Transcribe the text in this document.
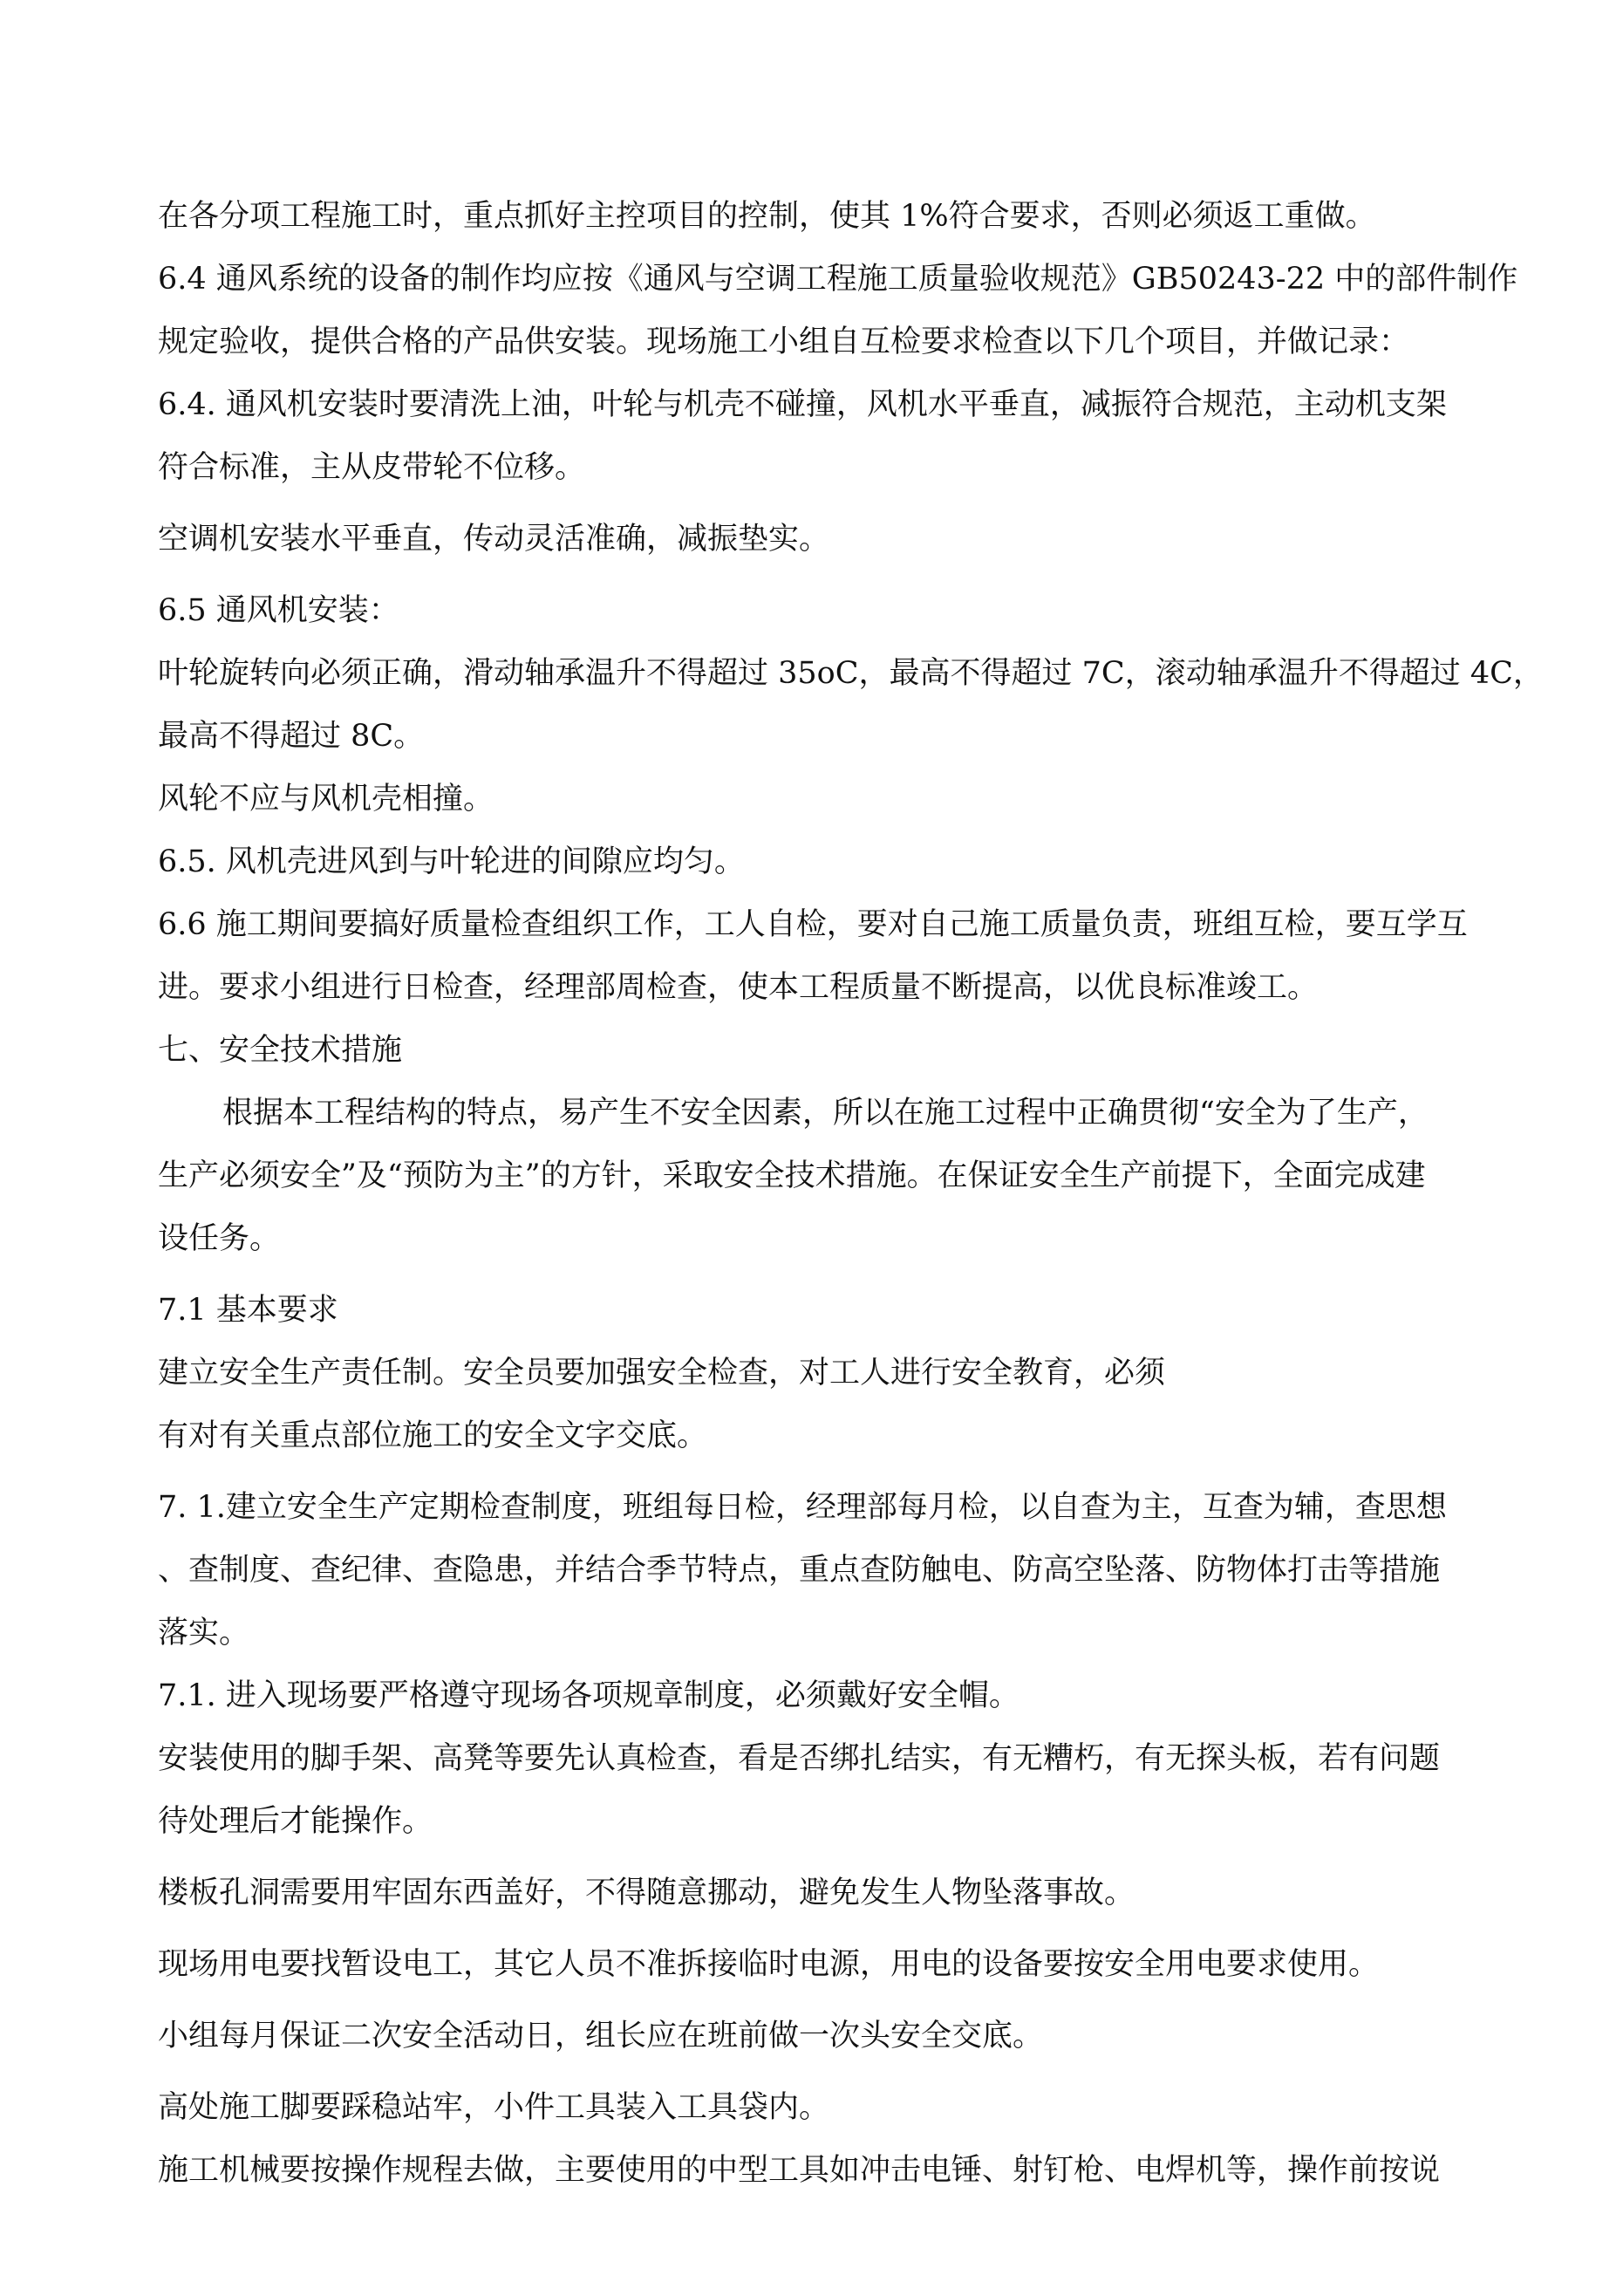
在各分项工程施工时，重点抓好主控项目的控制，使其 1%符合要求，否则必须返工重做。
6.4 通风系统的设备的制作均应按《通风与空调工程施工质量验收规范》GB50243-22 中的部件制作
规定验收，提供合格的产品供安装。现场施工小组自互检要求检查以下几个项目，并做记录：
6.4. 通风机安装时要清洗上油，叶轮与机壳不碰撞，风机水平垂直，减振符合规范，主动机支架
符合标准，主从皮带轮不位移。
空调机安装水平垂直，传动灵活准确，减振垫实。
6.5 通风机安装：
叶轮旋转向必须正确，滑动轴承温升不得超过 35oC，最高不得超过 7C，滚动轴承温升不得超过 4C，
最高不得超过 8C。
风轮不应与风机壳相撞。
6.5. 风机壳进风到与叶轮进的间隙应均匀。
6.6 施工期间要搞好质量检查组织工作，工人自检，要对自己施工质量负责，班组互检，要互学互
进。要求小组进行日检查，经理部周检查，使本工程质量不断提高，以优良标准竣工。
七、安全技术措施
根据本工程结构的特点，易产生不安全因素，所以在施工过程中正确贯彻“安全为了生产，
生产必须安全”及“预防为主”的方针，采取安全技术措施。在保证安全生产前提下，全面完成建
设任务。
7.1 基本要求
建立安全生产责任制。安全员要加强安全检查，对工人进行安全教育，必须
有对有关重点部位施工的安全文字交底。
7. 1.建立安全生产定期检查制度，班组每日检，经理部每月检，以自查为主，互查为辅，查思想
、查制度、查纪律、查隐患，并结合季节特点，重点查防触电、防高空坠落、防物体打击等措施
落实。
7.1. 进入现场要严格遵守现场各项规章制度，必须戴好安全帽。
安装使用的脚手架、高凳等要先认真检查，看是否绑扎结实，有无糟朽，有无探头板，若有问题
待处理后才能操作。
楼板孔洞需要用牢固东西盖好，不得随意挪动，避免发生人物坠落事故。
现场用电要找暂设电工，其它人员不准拆接临时电源，用电的设备要按安全用电要求使用。
小组每月保证二次安全活动日，组长应在班前做一次头安全交底。
高处施工脚要踩稳站牢，小件工具装入工具袋内。
施工机械要按操作规程去做，主要使用的中型工具如冲击电锤、射钉枪、电焊机等，操作前按说
